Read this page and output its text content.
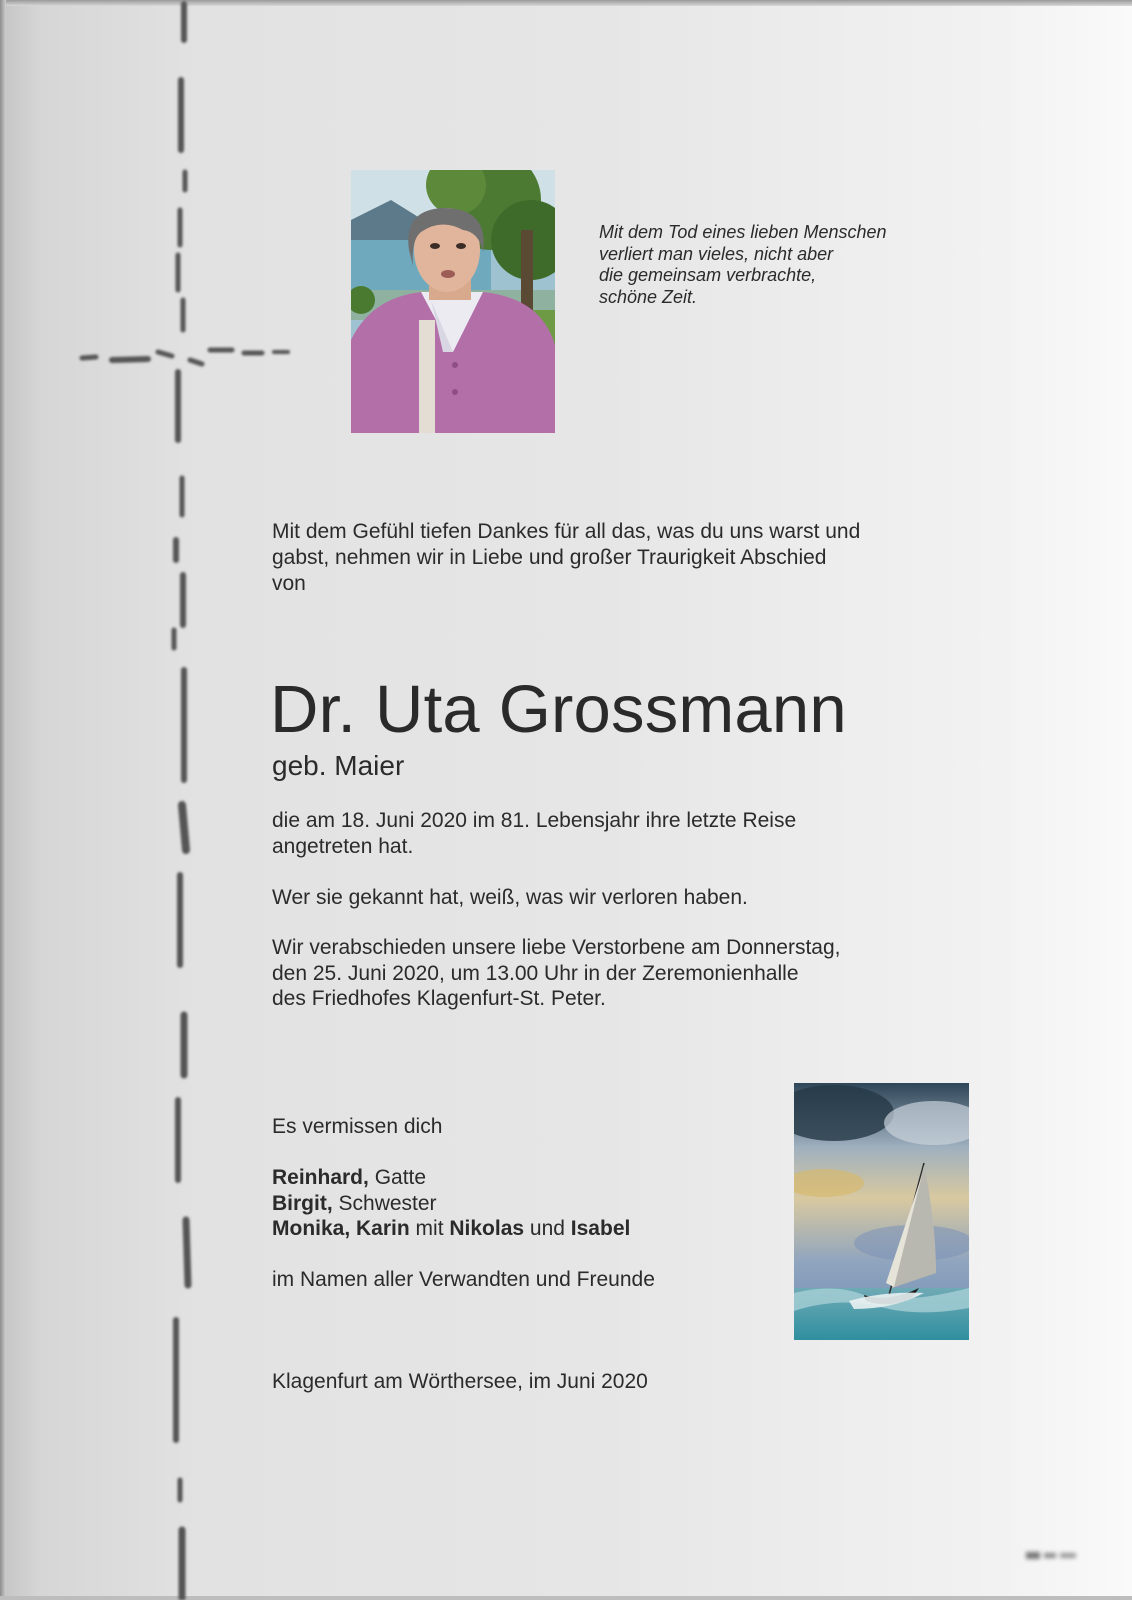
Mit dem Tod eines lieben Menschen
verliert man vieles, nicht aber
die gemeinsam verbrachte,
schöne Zeit.
Mit dem Gefühl tiefen Dankes für all das, was du uns warst und
gabst, nehmen wir in Liebe und großer Traurigkeit Abschied
von
Dr. Uta Grossmann
geb. Maier
die am 18. Juni 2020 im 81. Lebensjahr ihre letzte Reise
angetreten hat.
Wer sie gekannt hat, weiß, was wir verloren haben.
Wir verabschieden unsere liebe Verstorbene am Donnerstag,
den 25. Juni 2020, um 13.00 Uhr in der Zeremonienhalle
des Friedhofes Klagenfurt-St. Peter.
Es vermissen dich
Reinhard, Gatte
Birgit, Schwester
Monika, Karin mit Nikolas und Isabel
im Namen aller Verwandten und Freunde
Klagenfurt am Wörthersee, im Juni 2020
